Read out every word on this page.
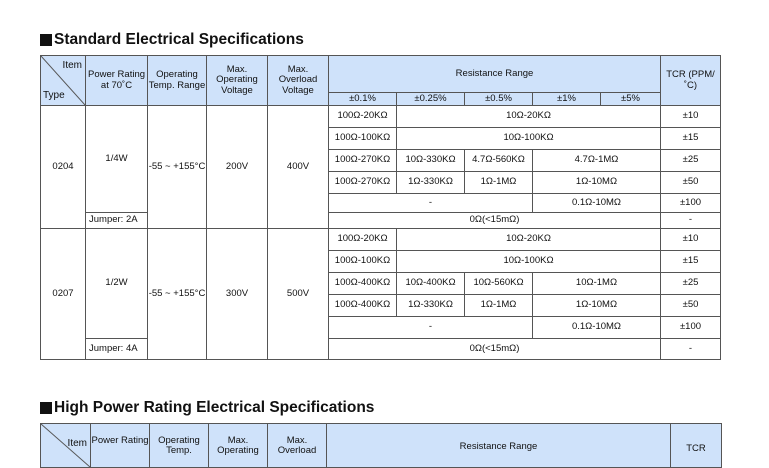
Standard Electrical Specifications
Item
Type	Power Rating at 70˚C	Operating Temp. Range	Max. Operating Voltage	Max. Overload Voltage	Resistance Range					TCR (PPM/˚C)
					±0.1%	±0.25%	±0.5%	±1%	±5%	
0204	1/4W	-55 ~ +155°C	200V	400V	100Ω-20KΩ	10Ω-20KΩ				±10
					100Ω-100KΩ	10Ω-100KΩ				±15
					100Ω-270KΩ	10Ω-330KΩ	4.7Ω-560KΩ	4.7Ω-1MΩ		±25
					100Ω-270KΩ	1Ω-330KΩ	1Ω-1MΩ	1Ω-10MΩ		±50
					-			0.1Ω-10MΩ		±100
	Jumper: 2A				0Ω(<15mΩ)					-
0207	1/2W	-55 ~ +155°C	300V	500V	100Ω-20KΩ	10Ω-20KΩ				±10
					100Ω-100KΩ	10Ω-100KΩ				±15
					100Ω-400KΩ	10Ω-400KΩ	10Ω-560KΩ	10Ω-1MΩ		±25
					100Ω-400KΩ	1Ω-330KΩ	1Ω-1MΩ	1Ω-10MΩ		±50
					-			0.1Ω-10MΩ		±100
	Jumper: 4A				0Ω(<15mΩ)					-
High Power Rating Electrical Specifications
Item	Power Rating	Operating Temp.	Max. Operating	Max. Overload	Resistance Range	TCR
